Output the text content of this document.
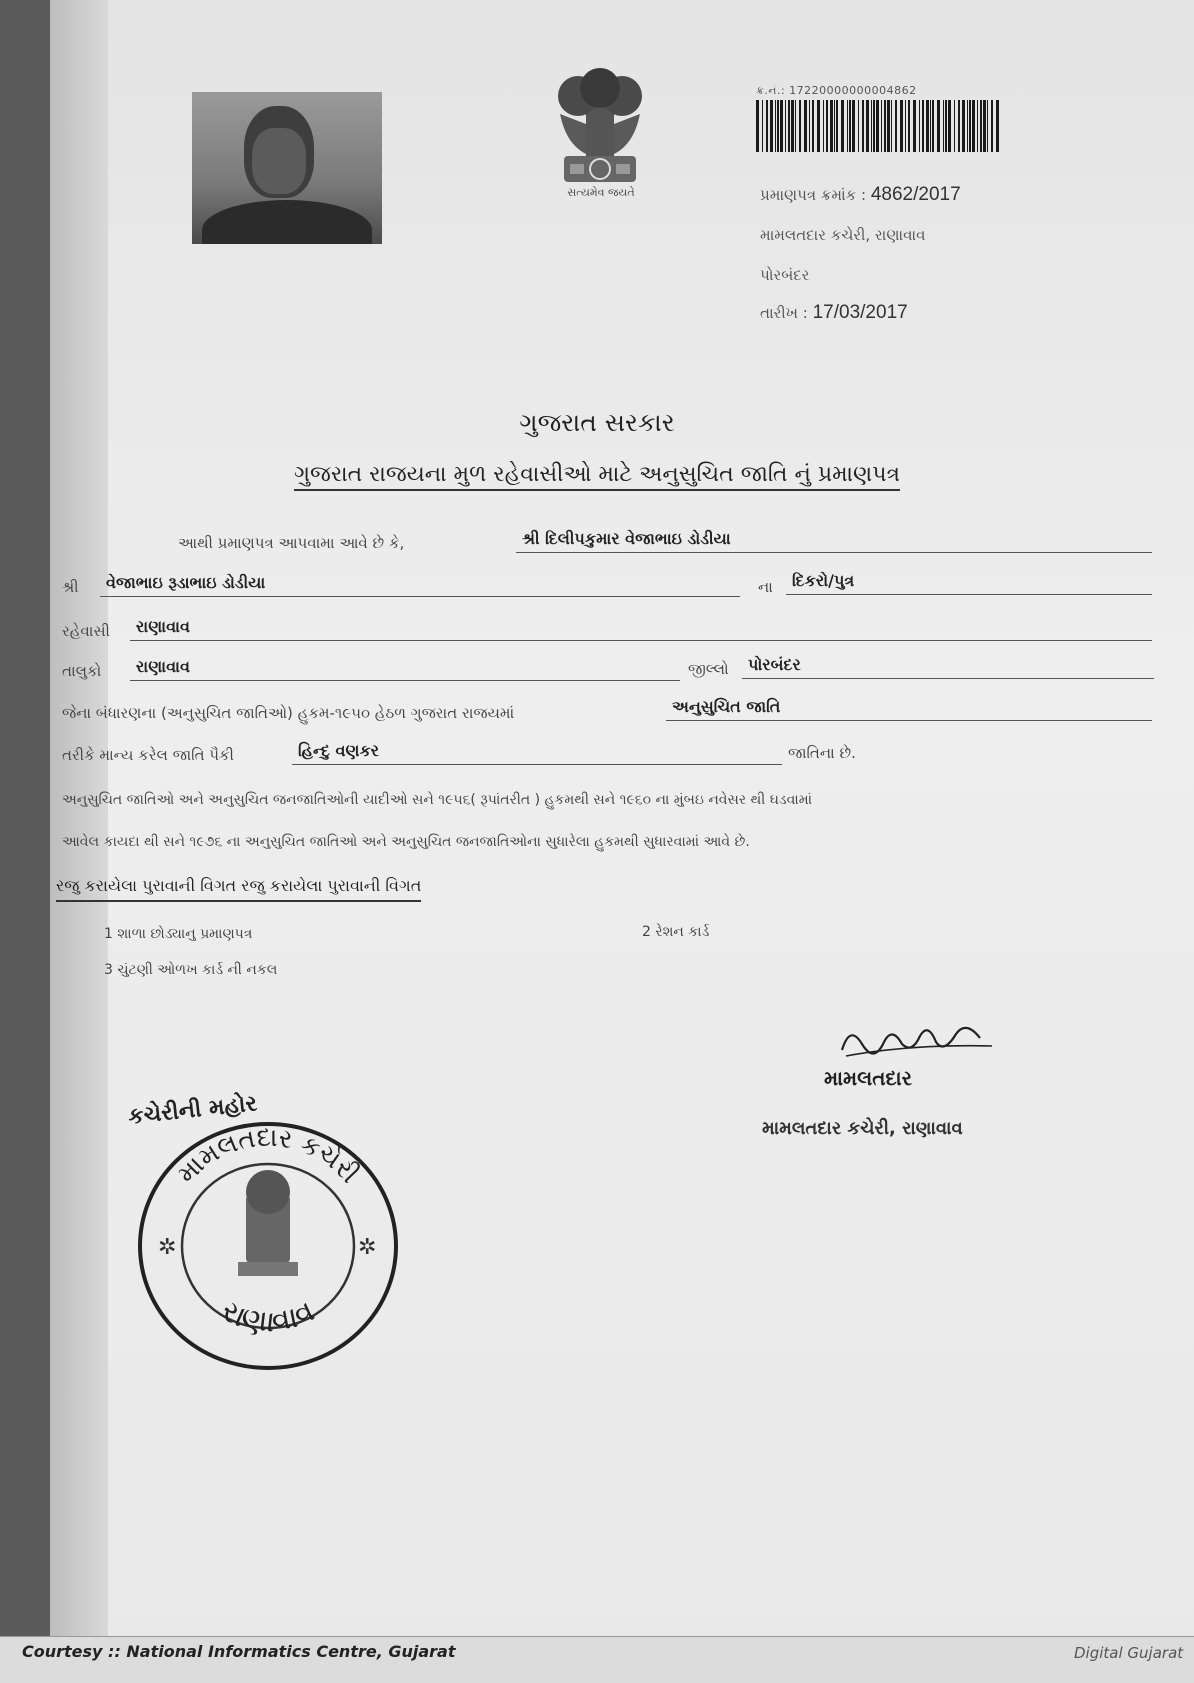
સત્યમેવ જયતે
ક્ર.નં.: 17220000000004862
પ્રમાણપત્ર ક્રમાંક : 4862/2017
મામલતદાર કચેરી, રાણાવાવ
પોરબંદર
તારીખ : 17/03/2017
ગુજરાત સરકાર
ગુજરાત રાજયના મુળ રહેવાસીઓ માટે અનુસુચિત જાતિ નું પ્રમાણપત્ર
આથી પ્રમાણપત્ર આપવામા આવે છે કે,	શ્રી દિલીપકુમાર વેજાભાઇ ડોડીયા
શ્રી	વેજાભાઇ રૂડાભાઇ ડોડીયા	ના	દિકરો/પુત્ર
રહેવાસી	રાણાવાવ
તાલુકો	રાણાવાવ	જીલ્લો	પોરબંદર
જેના બંધારણના (અનુસુચિત જાતિઓ) હુકમ-૧૯૫૦ હેઠળ ગુજરાત રાજયમાં	અનુસુચિત જાતિ
તરીકે માન્ય કરેલ જાતિ પૈકી	હિન્દુ વણકર	જાતિના છે.
અનુસુચિત જાતિઓ અને અનુસુચિત જનજાતિઓની યાદીઓ સને ૧૯૫૬( રૂપાંતરીત ) હુકમથી સને ૧૯૬૦ ના મુંબઇ નવેસર થી ઘડવામાં
આવેલ કાયદા થી સને ૧૯૭૬ ના અનુસુચિત જાતિઓ અને અનુસુચિત જનજાતિઓના સુધારેલા હુકમથી સુધારવામાં આવે છે.
રજુ કરાયેલા પુરાવાની વિગત રજુ કરાયેલા પુરાવાની વિગત
1 શાળા છોડ્યાનુ પ્રમાણપત્ર	2 રેશન કાર્ડ
3 ચુંટણી ઓળખ કાર્ડ ની નકલ
મામલતદાર
મામલતદાર કચેરી, રાણાવાવ
મામલતદાર કચેરી
રાણાવાવ
✲	✲
કચેરીની મહોર
Courtesy :: National Informatics Centre, Gujarat	Digital Gujarat
